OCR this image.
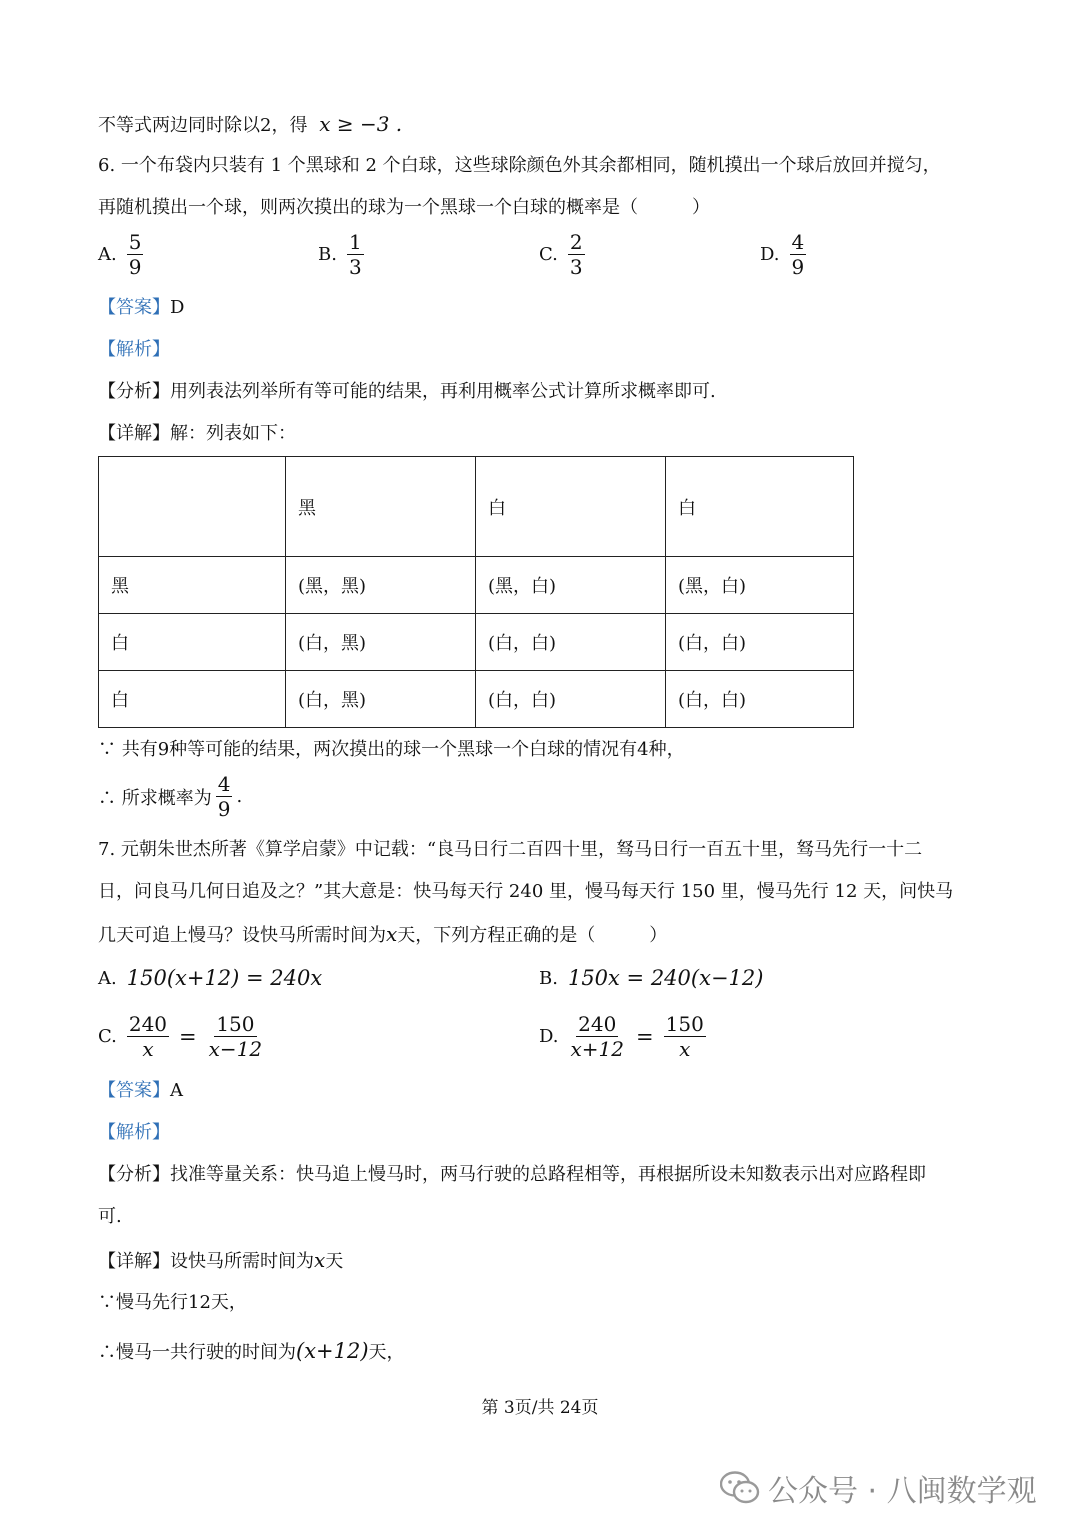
不等式两边同时除以2，得 x ≥ −3 .
6. 一个布袋内只装有 1 个黑球和 2 个白球，这些球除颜色外其余都相同，随机摸出一个球后放回并搅匀，
再随机摸出一个球，则两次摸出的球为一个黑球一个白球的概率是（　　　）
A. $\frac{5}{9}$	B. $\frac{1}{3}$	C. $\frac{2}{3}$	D. $\frac{4}{9}$
【答案】D
【解析】
【分析】用列表法列举所有等可能的结果，再利用概率公式计算所求概率即可.
【详解】解：列表如下：
	黑	白	白
黑	(黑，黑)	(黑，白)	(黑，白)
白	(白，黑)	(白，白)	(白，白)
白	(白，黑)	(白，白)	(白，白)
∵ 共有9种等可能的结果，两次摸出的球一个黑球一个白球的情况有4种，
∴ 所求概率为 $\frac{4}{9}$ .
7. 元朝朱世杰所著《算学启蒙》中记载：“良马日行二百四十里，驽马日行一百五十里，驽马先行一十二
日，问良马几何日追及之？”其大意是：快马每天行 240 里，慢马每天行 150 里，慢马先行 12 天，问快马
几天可追上慢马？设快马所需时间为x天，下列方程正确的是（　　　）
A. 150(x+12) = 240x	B. 150x = 240(x−12)
C. $\frac{240}{x} = \frac{150}{x-12}$	D. $\frac{240}{x+12} = \frac{150}{x}$
【答案】A
【解析】
【分析】找准等量关系：快马追上慢马时，两马行驶的总路程相等，再根据所设未知数表示出对应路程即
可.
【详解】设快马所需时间为x天
∵慢马先行12天，
∴慢马一共行驶的时间为(x+12)天，
第 3页/共 24页
公众号 · 八闽数学观
